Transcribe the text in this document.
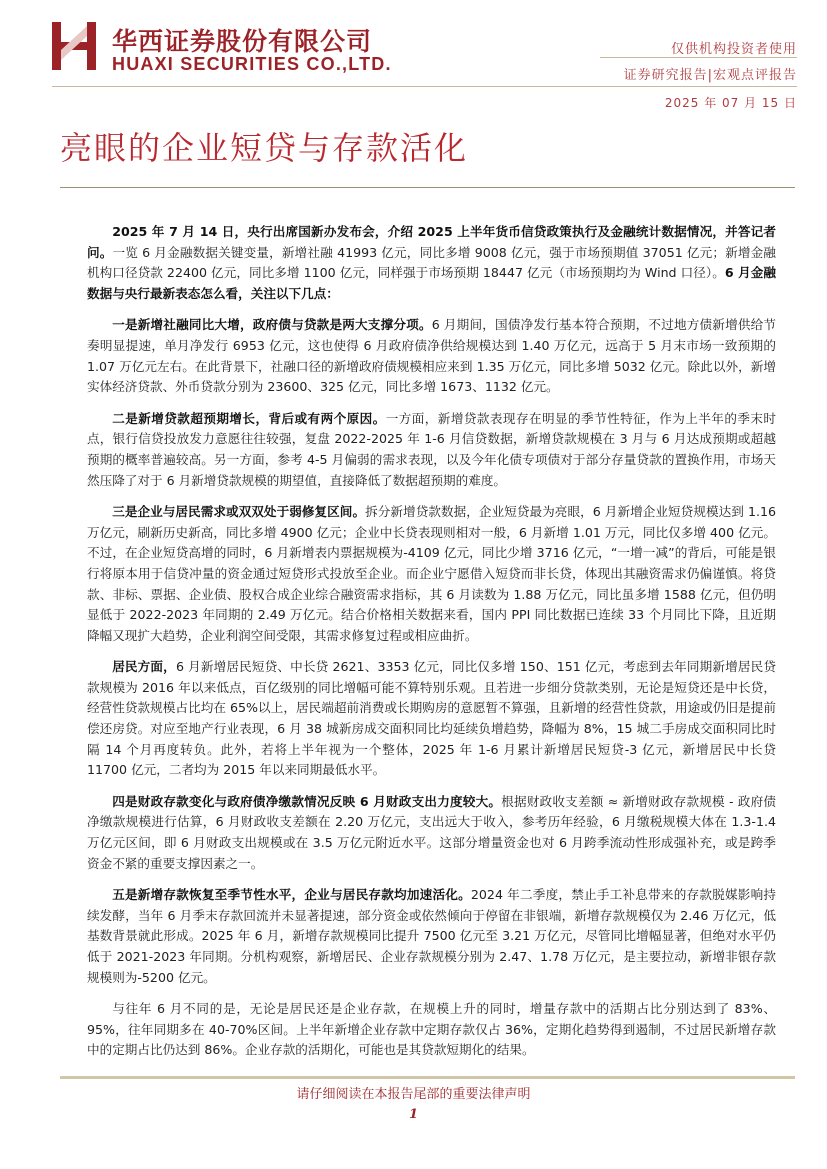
华西证券股份有限公司
HUAXI SECURITIES CO.,LTD.
仅供机构投资者使用
证券研究报告|宏观点评报告
2025 年 07 月 15 日
亮眼的企业短贷与存款活化

2025 年 7 月 14 日，央行出席国新办发布会，介绍 2025 上半年货币信贷政策执行及金融统计数据情况，并答记者问。一览 6 月金融数据关键变量，新增社融 41993 亿元，同比多增 9008 亿元，强于市场预期值 37051 亿元；新增金融机构口径贷款 22400 亿元，同比多增 1100 亿元，同样强于市场预期 18447 亿元（市场预期均为 Wind 口径）。6 月金融数据与央行最新表态怎么看，关注以下几点：

一是新增社融同比大增，政府债与贷款是两大支撑分项。6 月期间，国债净发行基本符合预期，不过地方债新增供给节奏明显提速，单月净发行 6953 亿元，这也使得 6 月政府债净供给规模达到 1.40 万亿元，远高于 5 月末市场一致预期的 1.07 万亿元左右。在此背景下，社融口径的新增政府债规模相应来到 1.35 万亿元，同比多增 5032 亿元。除此以外，新增实体经济贷款、外币贷款分别为 23600、325 亿元，同比多增 1673、1132 亿元。

二是新增贷款超预期增长，背后或有两个原因。一方面，新增贷款表现存在明显的季节性特征，作为上半年的季末时点，银行信贷投放发力意愿往往较强，复盘 2022-2025 年 1-6 月信贷数据，新增贷款规模在 3 月与 6 月达成预期或超越预期的概率普遍较高。另一方面，参考 4-5 月偏弱的需求表现，以及今年化债专项债对于部分存量贷款的置换作用，市场天然压降了对于 6 月新增贷款规模的期望值，直接降低了数据超预期的难度。

三是企业与居民需求或双双处于弱修复区间。拆分新增贷款数据，企业短贷最为亮眼，6 月新增企业短贷规模达到 1.16 万亿元，刷新历史新高，同比多增 4900 亿元；企业中长贷表现则相对一般，6 月新增 1.01 万元，同比仅多增 400 亿元。不过，在企业短贷高增的同时，6 月新增表内票据规模为-4109 亿元，同比少增 3716 亿元，“一增一减”的背后，可能是银行将原本用于信贷冲量的资金通过短贷形式投放至企业。而企业宁愿借入短贷而非长贷，体现出其融资需求仍偏谨慎。将贷款、非标、票据、企业债、股权合成企业综合融资需求指标，其 6 月读数为 1.88 万亿元，同比虽多增 1588 亿元，但仍明显低于 2022-2023 年同期的 2.49 万亿元。结合价格相关数据来看，国内 PPI 同比数据已连续 33 个月同比下降，且近期降幅又现扩大趋势，企业利润空间受限，其需求修复过程或相应曲折。

居民方面，6 月新增居民短贷、中长贷 2621、3353 亿元，同比仅多增 150、151 亿元，考虑到去年同期新增居民贷款规模为 2016 年以来低点，百亿级别的同比增幅可能不算特别乐观。且若进一步细分贷款类别，无论是短贷还是中长贷，经营性贷款规模占比均在 65%以上，居民端超前消费或长期购房的意愿暂不算强，且新增的经营性贷款，用途或仍旧是提前偿还房贷。对应至地产行业表现，6 月 38 城新房成交面积同比均延续负增趋势，降幅为 8%，15 城二手房成交面积同比时隔 14 个月再度转负。此外，若将上半年视为一个整体，2025 年 1-6 月累计新增居民短贷-3 亿元，新增居民中长贷 11700 亿元，二者均为 2015 年以来同期最低水平。

四是财政存款变化与政府债净缴款情况反映 6 月财政支出力度较大。根据财政收支差额 ≈ 新增财政存款规模 - 政府债净缴款规模进行估算，6 月财政收支差额在 2.20 万亿元，支出远大于收入，参考历年经验，6 月缴税规模大体在 1.3-1.4 万亿元区间，即 6 月财政支出规模或在 3.5 万亿元附近水平。这部分增量资金也对 6 月跨季流动性形成强补充，或是跨季资金不紧的重要支撑因素之一。

五是新增存款恢复至季节性水平，企业与居民存款均加速活化。2024 年二季度，禁止手工补息带来的存款脱媒影响持续发酵，当年 6 月季末存款回流并未显著提速，部分资金或依然倾向于停留在非银端，新增存款规模仅为 2.46 万亿元，低基数背景就此形成。2025 年 6 月，新增存款规模同比提升 7500 亿元至 3.21 万亿元，尽管同比增幅显著，但绝对水平仍低于 2021-2023 年同期。分机构观察，新增居民、企业存款规模分别为 2.47、1.78 万亿元，是主要拉动，新增非银存款规模则为-5200 亿元。

与往年 6 月不同的是，无论是居民还是企业存款，在规模上升的同时，增量存款中的活期占比分别达到了 83%、95%，往年同期多在 40-70%区间。上半年新增企业存款中定期存款仅占 36%，定期化趋势得到遏制，不过居民新增存款中的定期占比仍达到 86%。企业存款的活期化，可能也是其贷款短期化的结果。

请仔细阅读在本报告尾部的重要法律声明
1
